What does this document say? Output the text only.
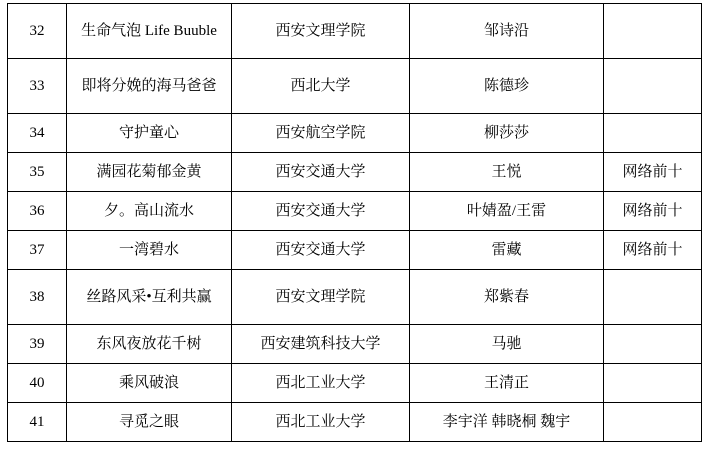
32	生命气泡 Life Buuble	西安文理学院	邹诗沿	
33	即将分娩的海马爸爸	西北大学	陈德珍	
34	守护童心	西安航空学院	柳莎莎	
35	满园花菊郁金黄	西安交通大学	王悦	网络前十
36	夕。高山流水	西安交通大学	叶婧盈/王雷	网络前十
37	一湾碧水	西安交通大学	雷藏	网络前十
38	丝路风采•互利共赢	西安文理学院	郑紫春	
39	东风夜放花千树	西安建筑科技大学	马驰	
40	乘风破浪	西北工业大学	王清正	
41	寻觅之眼	西北工业大学	李宇洋 韩晓桐 魏宇	
